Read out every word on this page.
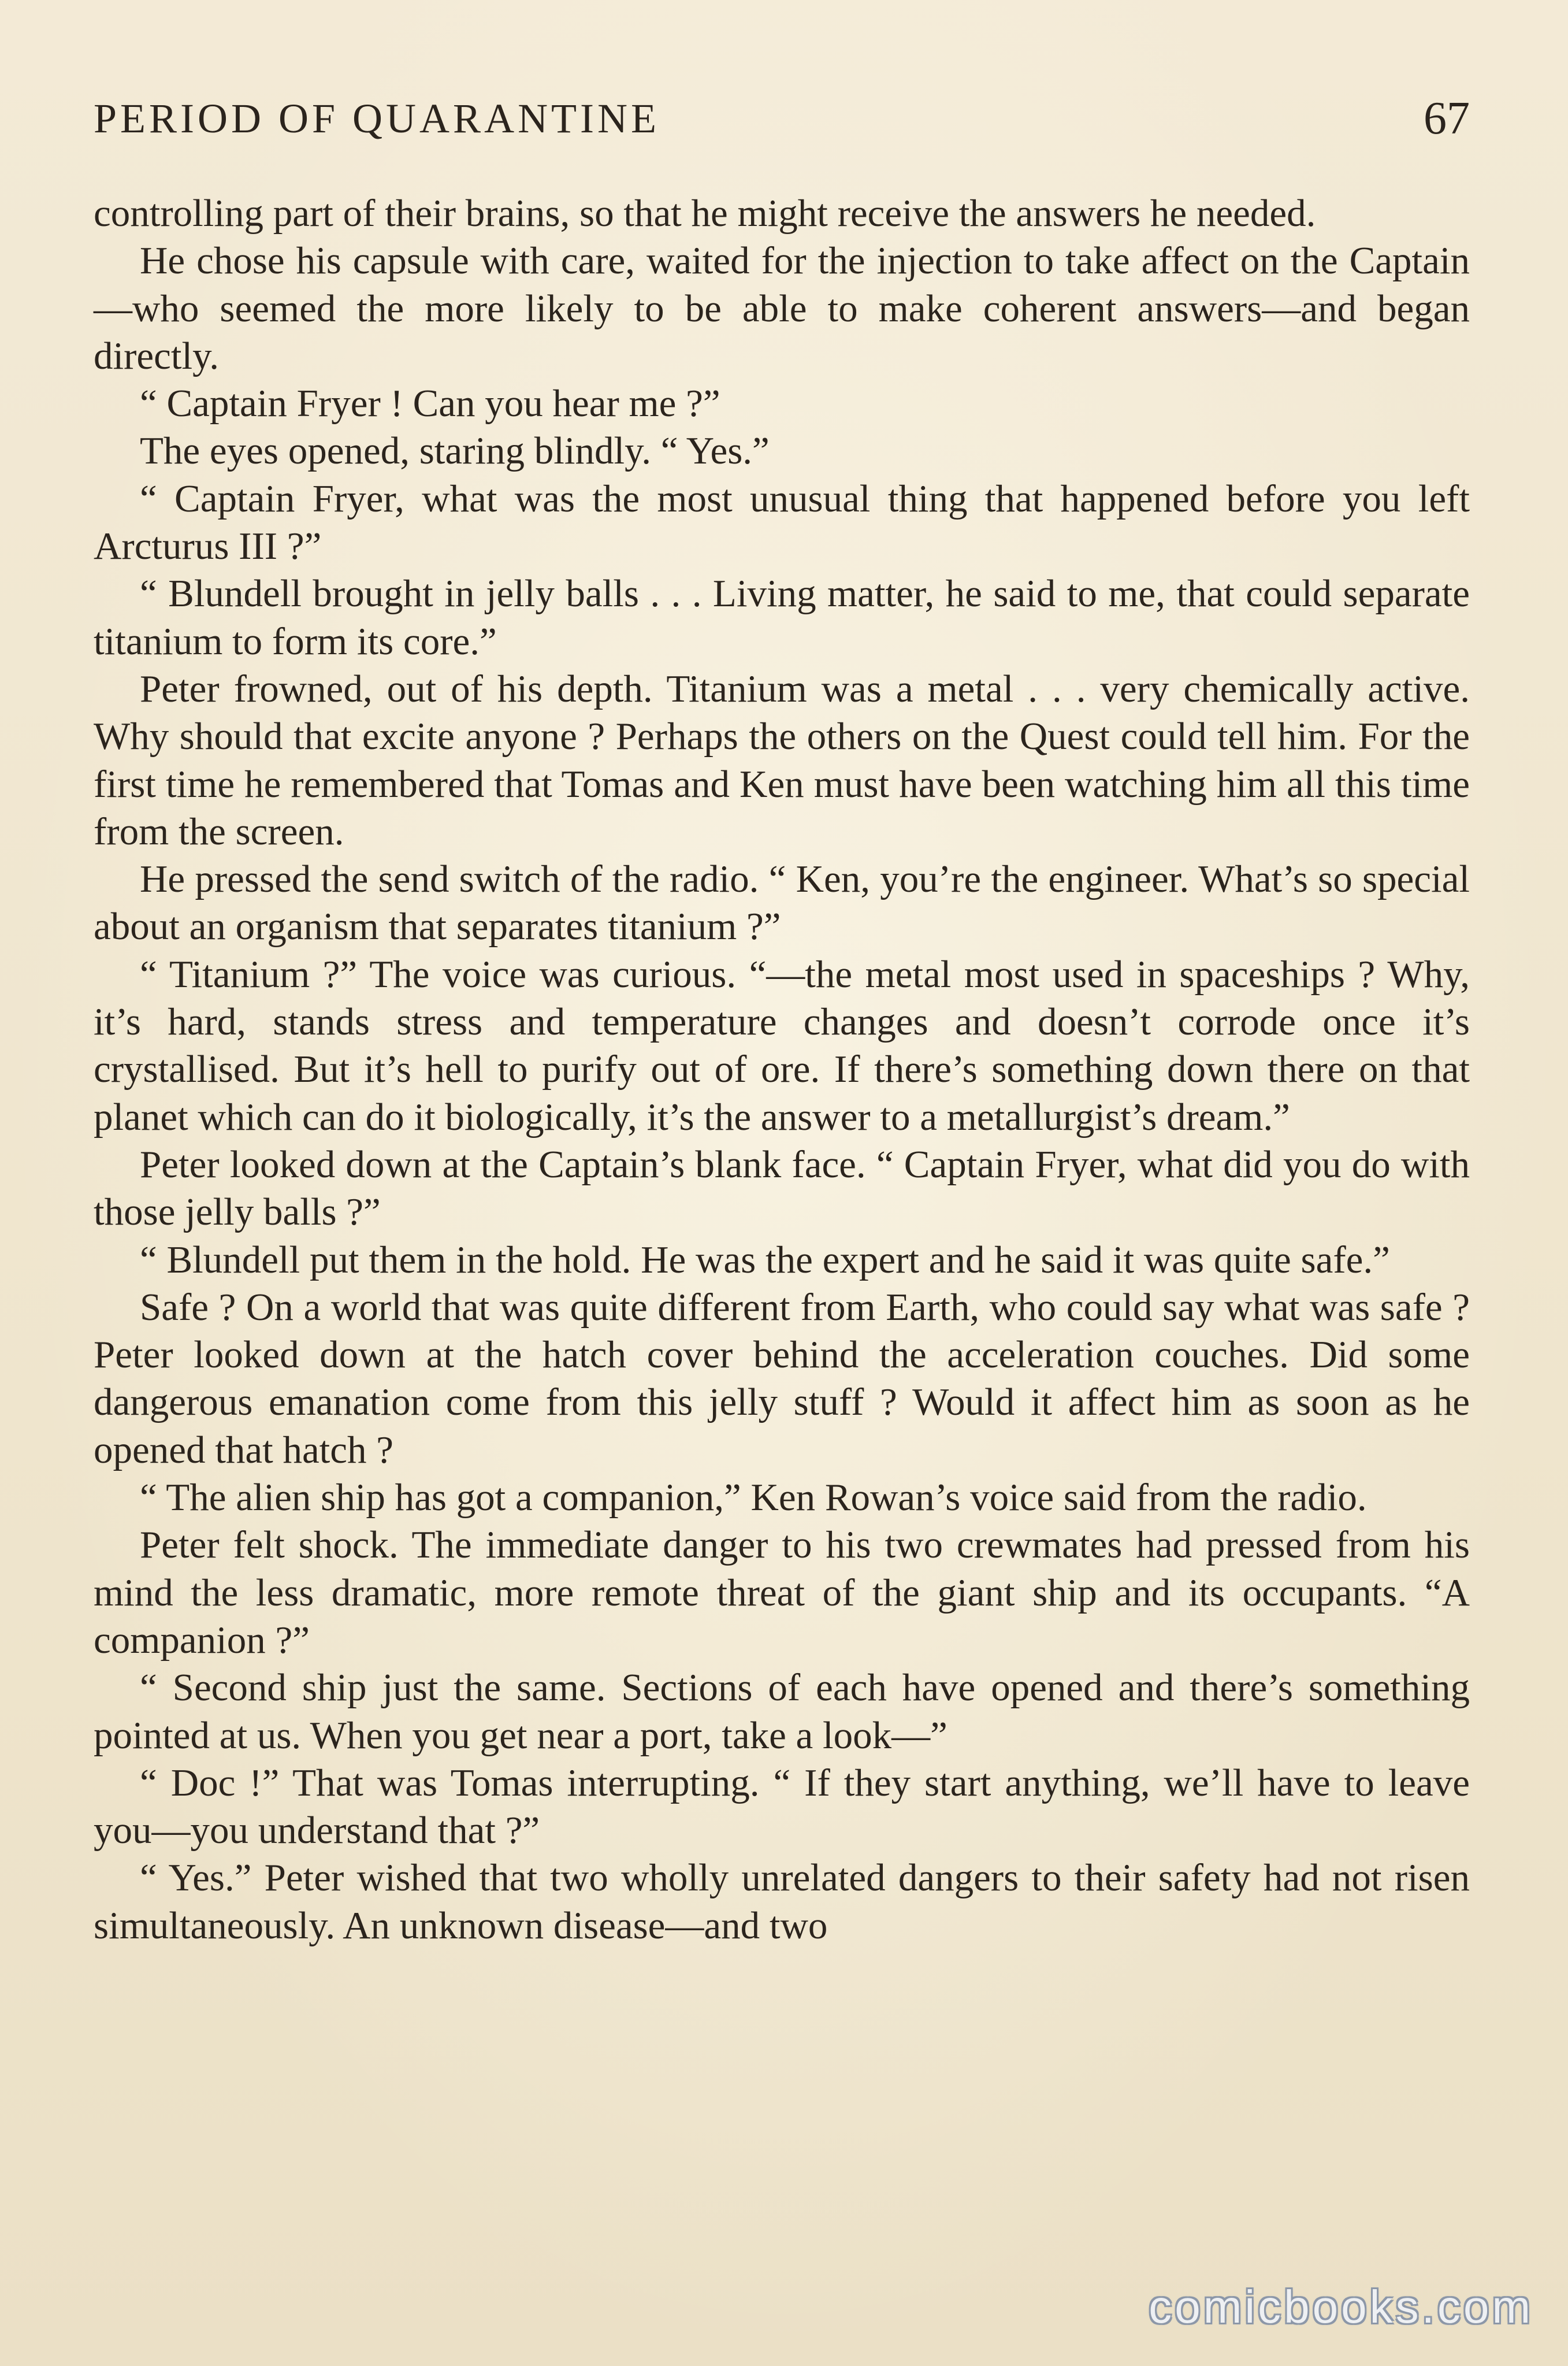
PERIOD OF QUARANTINE	67

controlling part of their brains, so that he might receive the answers he needed.

He chose his capsule with care, waited for the injection to take affect on the Captain—who seemed the more likely to be able to make coherent answers—and began directly.

“ Captain Fryer ! Can you hear me ?”

The eyes opened, staring blindly. “ Yes.”

“ Captain Fryer, what was the most unusual thing that happened before you left Arcturus III ?”

“ Blundell brought in jelly balls . . . Living matter, he said to me, that could separate titanium to form its core.”

Peter frowned, out of his depth. Titanium was a metal . . . very chemically active. Why should that excite anyone ? Perhaps the others on the Quest could tell him. For the first time he remembered that Tomas and Ken must have been watching him all this time from the screen.

He pressed the send switch of the radio. “ Ken, you’re the engineer. What’s so special about an organism that separates titanium ?”

“ Titanium ?” The voice was curious. “—the metal most used in spaceships ? Why, it’s hard, stands stress and temperature changes and doesn’t corrode once it’s crystallised. But it’s hell to purify out of ore. If there’s something down there on that planet which can do it biologically, it’s the answer to a metallurgist’s dream.”

Peter looked down at the Captain’s blank face. “ Captain Fryer, what did you do with those jelly balls ?”

“ Blundell put them in the hold. He was the expert and he said it was quite safe.”

Safe ? On a world that was quite different from Earth, who could say what was safe ? Peter looked down at the hatch cover behind the acceleration couches. Did some dangerous emanation come from this jelly stuff ? Would it affect him as soon as he opened that hatch ?

“ The alien ship has got a companion,” Ken Rowan’s voice said from the radio.

Peter felt shock. The immediate danger to his two crewmates had pressed from his mind the less dramatic, more remote threat of the giant ship and its occupants. “A companion ?”

“ Second ship just the same. Sections of each have opened and there’s something pointed at us. When you get near a port, take a look—”

“ Doc !” That was Tomas interrupting. “ If they start anything, we’ll have to leave you—you understand that ?”

“ Yes.” Peter wished that two wholly unrelated dangers to their safety had not risen simultaneously. An unknown disease—and two

comicbooks.com
